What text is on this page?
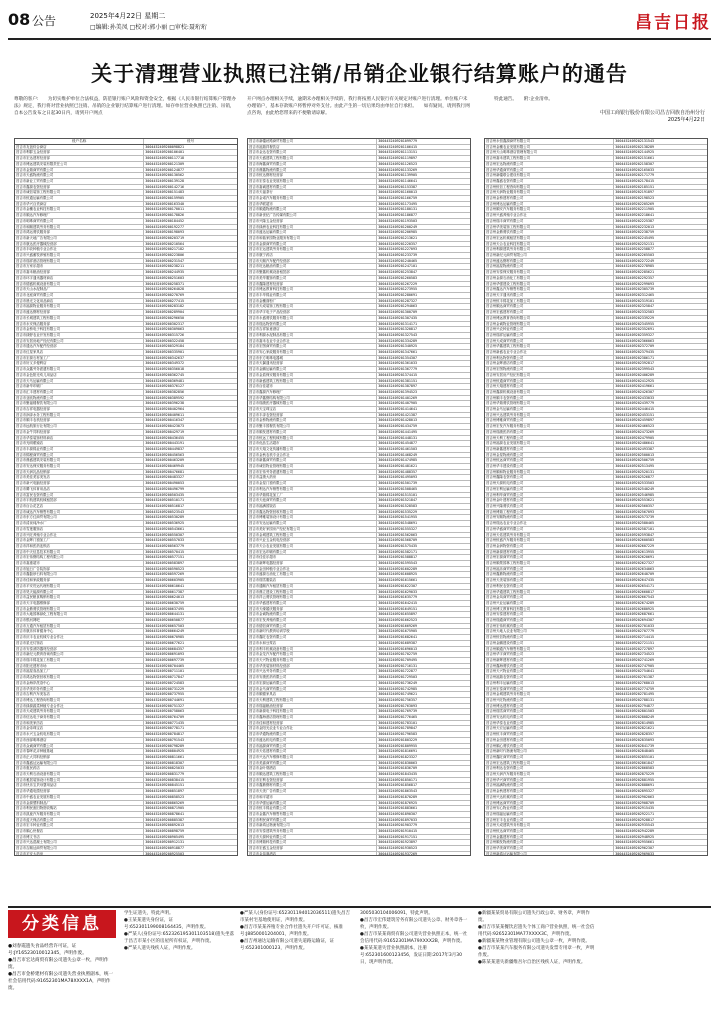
08 公告	2025年4月22日 星期二
□编辑:孙美凤 □校对:郭小丽 □审校:聂珩珩	昌吉日报
关于清理营业执照已注销/吊销企业银行结算账户的通告

尊敬的客户:　　为切实维护单位合法权益，防范银行账户风险和资金安全，根据《人民币银行结算账户管理办法》规定，我行将对营业执照已注销、吊销的企业银行结算账户进行清理。如存单位营业执照已注销、吊销，自本公告发布之日起30日内，请到开户网点

开户网点办理相关手续，逾期未办理相关手续的，我行将按照人民银行有关规定对账户进行清理。单位账户未办理销户，基本存款账户将暂停对外支付。由此产生的一切后果均由单位自行承担。　　如有疑问，请到我行网点咨询，由此给您带来的不便敬请谅解。

特此通告。　　附:企业清单。

中国工商银行股份有限公司昌吉回族自治州分行
2025年4月22日
账户名称	账号
昌吉市友谊综合商店	3004452409200098821
昌吉市利群五金经营部	3004452409200106401
昌吉市宏达建材经营部	3004452409200117718
昌吉市博远建筑安装有限责任公司	3004452409200121309
昌吉市金瑞商贸有限公司	3004452409200124877
昌吉市天盛物流有限公司	3004452409200130562
昌吉市新业工贸有限公司	3004452409200139128
昌吉市鑫源农资经营部	3004452409200142716
昌吉市诚信装饰工程有限公司	3004452409200151483
昌吉市恒通运输有限公司	3004452409200159905
昌吉市华兴百货商店	3004452409200163340
昌吉市金穗农业科技有限公司	3004452409200170011
昌吉市顺达汽车修理厂	3004452409200178826
昌吉市明珠商贸有限公司	3004452409200184452
昌吉市和顺建筑劳务有限公司	3004452409200192277
昌吉市鸿运餐饮服务部	3004452409200198093
昌吉市新天地广告有限公司	3004452409200203719
昌吉市康达医疗器械经营部	3004452409200210564
昌吉市丰收种植专业合作社	3004452409200217182
昌吉市兴盛畜牧养殖有限公司	3004452409200223806
昌吉市瑞祥酒店管理有限公司	3004452409200231547
昌吉市万家乐超市	3004452409200238211
昌吉市嘉禾粮油经营部	3004452409200244935
昌吉市环宇通讯器材商店	3004452409200251603
昌吉市德盛机械设备有限公司	3004452409200258371
昌吉市天山水泥制品厂	3004452409200264028
昌吉市北庭商贸有限公司	3004452409200270769
昌吉市晨光文化用品商店	3004452409200277415
昌吉市福源物业服务有限公司	3004452409200283182
昌吉市盛达钢材经营部	3004452409200289904
昌吉市长城建筑工程有限公司	3004452409200296650
昌吉市永安保洁服务部	3004452409200302317
昌吉市金桥电子科技有限公司	3004452409200309063
昌吉市绿野农业开发有限公司	3004452409200315726
昌吉市安居房地产经纪有限公司	3004452409200322458
昌吉市通达汽车配件经营部	3004452409200329184
昌吉市红星家具店	3004452409200335901
昌吉市宏源石材加工厂	3004452409200342637
昌吉市好又多便利店	3004452409200349372
昌吉市众鑫劳务派遣有限公司	3004452409200356018
昌吉市金色阳光幼儿用品店	3004452409200362745
昌吉市天马运输有限公司	3004452409200369481
昌吉市新华印刷厂	3004452409200376127
昌吉市汇丰建材有限公司	3004452409200382856
昌吉市亚欧物流有限公司	3004452409200389592
昌吉市聚福楼餐饮有限公司	3004452409200396238
昌吉市吉祥电器经营部	3004452409200402964
昌吉市润泽水务工程有限公司	3004452409200409611
昌吉市顺丰农机经营部	3004452409200416347
昌吉市远航旅行社有限公司	3004452409200423073
昌吉市金牛饲料经营部	3004452409200429719
昌吉市华泰装饰材料商店	3004452409200436455
昌吉市光明眼镜店	3004452409200443191
昌吉市丰源棉业有限公司	3004452409200449837
昌吉市锦程商贸有限公司	3004452409200456563
昌吉市鼎盛建筑安装有限公司	3004452409200463209
昌吉市安达保安服务有限公司	3004452409200469945
昌吉市天润乳品经销部	3004452409200476681
昌吉市美佳美容美发店	3004452409200483327
昌吉市新兴电脑经营部	3004452409200490053
昌吉市腾飞体育用品店	3004452409200496799
昌吉市富民农资有限公司	3004452409200503435
昌吉市宇航建筑机械租赁部	3004452409200510171
昌吉市百合花艺店	3004452409200516817
昌吉市诚达汽车销售有限公司	3004452409200523543
昌吉市东方红商贸有限公司	3004452409200530289
昌吉市清泉纯净水厂	3004452409200536925
昌吉市雪莲服饰店	3004452409200543661
昌吉市兴旺养殖专业合作社	3004452409200550307
昌吉市金辉门窗加工厂	3004452409200557033
昌吉市祥和医药连锁店	3004452409200563779
昌吉市中天信息技术有限公司	3004452409200570415
昌吉市宏伟钢结构工程有限公司	3004452409200577151
昌吉市嘉惠超市	3004452409200583897
昌吉市旭日广告装饰部	3004452409200590523
昌吉市鑫磊砂石料有限公司	3004452409200597269
昌吉市佳和家政服务部	3004452409200603905
昌吉市平安货运代理有限公司	3004452409200610641
昌吉市昊天能源有限公司	3004452409200617387
昌吉市益民粮食购销有限公司	3004452409200624013
昌吉市天宇电器维修部	3004452409200630759
昌吉市金鼎餐饮管理有限公司	3004452409200637495
昌吉市大地园林绿化工程有限公司	3004452409200644131
昌吉市银河网吧	3004452409200650877
昌吉市万通汽车租赁有限公司	3004452409200657503
昌吉市康乐体育健身中心	3004452409200664249
昌吉市庆丰农业机械专业合作社	3004452409200670985
昌吉市星光灯饰店	3004452409200677621
昌吉市安泰消防器材经营部	3004452409200684357
昌吉市新纪元教育咨询有限公司	3004452409200691093
昌吉市瑞丰棉花加工有限公司	3004452409200697739
昌吉市阳光建材市场	3004452409200704465
昌吉市福星食品加工厂	3004452409200711101
昌吉市鸿达物资回收有限公司	3004452409200717847
昌吉市金海岸洗浴中心	3004452409200724583
昌吉市华美印务有限公司	3004452409200731229
昌吉市吉利汽车美容店	3004452409200737955
昌吉市博达工程咨询有限公司	3004452409200744691
昌吉市绿源蔬菜种植专业合作社	3004452409200751327
昌吉市天成建筑劳务有限公司	3004452409200758063
昌吉市信达电子商务有限公司	3004452409200764709
昌吉市和美家纺店	3004452409200771435
昌吉市金帝珠宝店	3004452409200778171
昌吉市永兴五金机电有限公司	3004452409200784817
昌吉市西部明珠酒店	3004452409200791543
昌吉市众诚商贸有限公司	3004452409200798289
昌吉市春晖花卉种植基地	3004452409200804925
昌吉市正大饲料经销部	3004452409200811661
昌吉市鑫盛达运输有限公司	3004452409200818307
昌吉市惠民药店	3004452409200825033
昌吉市天利石油设备有限公司	3004452409200831779
昌吉市雅居装饰设计有限公司	3004452409200838415
昌吉市快乐宝贝母婴用品店	3004452409200845151
昌吉市华通电缆经营部	3004452409200851897
昌吉市中盛农业发展有限公司	3004452409200858523
昌吉市金源塑料制品厂	3004452409200865269
昌吉市利民废旧物资收购站	3004452409200871905
昌吉市凯旋汽车服务有限公司	3004452409200878641
昌吉市蓝天保洁有限公司	3004452409200885387
昌吉市宏丰种业有限公司	3004452409200892013
昌吉市顺心快餐店	3004452409200898759
昌吉市博文书店	3004452409200905495
昌吉市兴达混凝土有限公司	3004452409200912131
昌吉市吉顺达商贸有限公司	3004452409200918877
昌吉市平安大药房	3004452409200925503

昌吉市新疆丝路商贸有限公司	3004452409201099779
昌吉市福瑞祥餐饮店	3004452409201106415
昌吉市金达农资有限公司	3004452409201113151
昌吉市天盛建筑工程有限公司	3004452409201119897
昌吉市海鑫商贸有限公司	3004452409201126523
昌吉市鼎鑫物流有限公司	3004452409201133269
昌吉市恒达钢材经营部	3004452409201139905
昌吉市宏泰农业发展有限公司	3004452409201146641
昌吉市嘉诚建材有限公司	3004452409201153387
昌吉市天福茶行	3004452409201160013
昌吉市金诺汽车服务有限公司	3004452409201166759
昌吉市华联超市	3004452409201173495
昌吉市顺通物流有限公司	3004452409201180131
昌吉市新世纪广告传媒有限公司	3004452409201186877
昌吉市兴隆五金经营部	3004452409201193503
昌吉市绿洲农业科技有限公司	3004452409201200249
昌吉市盛达运输有限公司	3004452409201206985
昌吉市和谐家园物业服务有限公司	3004452409201213621
昌吉市金源商贸有限公司	3004452409201220357
昌吉市宏运建筑劳务有限公司	3004452409201227093
昌吉市康宁药店	3004452409201233739
昌吉市天顺汽车配件经营部	3004452409201240465
昌吉市旺达粮油有限公司	3004452409201247101
昌吉市聚鑫机械设备租赁部	3004452409201253847
昌吉市美华服饰有限公司	3004452409201260583
昌吉市鑫隆建材经营部	3004452409201267229
昌吉市博远教育科技有限公司	3004452409201273955
昌吉市丰华棉业有限公司	3004452409201280691
昌吉市金穗面粉厂	3004452409201287327
昌吉市天成装饰工程有限公司	3004452409201294063
昌吉市华宇电子产品经营部	3004452409201300709
昌吉市永盛餐饮服务有限公司	3004452409201307435
昌吉市瑞达物资有限公司	3004452409201314171
昌吉市吉祥如意酒店	3004452409201320817
昌吉市利源水泥制品有限公司	3004452409201327543
昌吉市嘉禾农业专业合作社	3004452409201334289
昌吉市宏图商贸有限公司	3004452409201340925
昌吉市安心家政服务有限公司	3004452409201347661
昌吉市东方明珠电器城	3004452409201354307
昌吉市天翼通讯经营部	3004452409201361033
昌吉市金鹏运输有限公司	3004452409201367779
昌吉市金盾保安服务有限公司	3004452409201374415
昌吉市新盛建筑工程有限公司	3004452409201381151
昌吉市百佳超市	3004452409201387897
昌吉市鑫源汽车修理厂	3004452409201394523
昌吉市华鑫钢结构有限公司	3004452409201401269
昌吉市瑞康医疗器械有限公司	3004452409201407905
昌吉市天宝珠宝店	3004452409201414641
昌吉市丰泽农资经营部	3004452409201421387
昌吉市金桥物流有限公司	3004452409201428013
昌吉市聚丰园餐饮有限公司	3004452409201434759
昌吉市顺发建材有限公司	3004452409201441495
昌吉市恒远工程机械有限公司	3004452409201448131
昌吉市优品生活超市	3004452409201454877
昌吉市天翔文化传播有限公司	3004452409201461503
昌吉市金秋农机专业合作社	3004452409201468249
昌吉市新鑫商贸有限公司	3004452409201474985
昌吉市诚信物业管理有限公司	3004452409201481621
昌吉市宏伟劳务派遣有限公司	3004452409201488357
昌吉市益康大药房	3004452409201495093
昌吉市金星门窗有限公司	3004452409201501739
昌吉市利达汽车销售有限公司	3004452409201508465
昌吉市华瑞棉花加工厂	3004452409201515101
昌吉市天池商贸有限公司	3004452409201521847
昌吉市福满园饭店	3004452409201528583
昌吉市鑫达物资回收有限公司	3004452409201535229
昌吉市博雅装饰设计有限公司	3004452409201541955
昌吉市安达运输有限公司	3004452409201548691
昌吉市美好家园房产经纪有限公司	3004452409201555327
昌吉市金城建筑工程有限公司	3004452409201562063
昌吉市兴业五金机电经营部	3004452409201568709
昌吉市天合农业发展有限公司	3004452409201575435
昌吉市宏达印刷有限公司	3004452409201582171
昌吉市佳佳乐超市	3004452409201588817
昌吉市新辉电器经营部	3004452409201595543
昌吉市金田种植专业合作社	3004452409201602289
昌吉市盛源石油化工有限公司	3004452409201608925
昌吉市瑞雪服装店	3004452409201615661
昌吉市通顺汽车租赁有限公司	3004452409201622307
昌吉市鼎立建设工程有限公司	3004452409201629033
昌吉市祥云餐饮管理有限公司	3004452409201635779
昌吉市华盛建材有限公司	3004452409201642415
昌吉市天缘婚庆服务部	3004452409201649151
昌吉市金诚物流有限公司	3004452409201655897
昌吉市宏发养殖有限公司	3004452409201662523
昌吉市德信商贸有限公司	3004452409201669269
昌吉市新时代教育培训学校	3004452409201675905
昌吉市鑫旺农资有限公司	3004452409201682641
昌吉市永和豆浆店	3004452409201689387
昌吉市利丰机械设备有限公司	3004452409201696013
昌吉市金龙汽车配件有限公司	3004452409201702759
昌吉市天兴物业服务有限公司	3004452409201709495
昌吉市华美装饰材料经营部	3004452409201716131
昌吉市兴达劳务有限公司	3004452409201722877
昌吉市安康医药有限公司	3004452409201729503
昌吉市宏源运输有限公司	3004452409201736249
昌吉市金马商贸有限公司	3004452409201742985
昌吉市顺德家具店	3004452409201749621
昌吉市天利建筑工程有限公司	3004452409201756357
昌吉市瑞福粮油经营部	3004452409201763093
昌吉市新源电子科技有限公司	3004452409201769739
昌吉市鑫海酒店管理有限公司	3004452409201776465
昌吉市佳和建材经营部	3004452409201783101
昌吉市金阳光农业专业合作社	3004452409201789847
昌吉市华通物流有限公司	3004452409201796583
昌吉市盛达机电有限公司	3004452409201803229
昌吉市福源商贸有限公司	3004452409201809955
昌吉市天佑建材有限公司	3004452409201816691
昌吉市兴达汽车维修有限公司	3004452409201823327
昌吉市美嘉商贸有限公司	3004452409201830063
昌吉市金叶烟酒店	3004452409201836709
昌吉市顺达建筑工程有限公司	3004452409201843435
昌吉市宏利农资经营部	3004452409201850171
昌吉市鑫鼎钢材有限公司	3004452409201856817
昌吉市天美广告有限公司	3004452409201863543
昌吉市和平超市	3004452409201870289
昌吉市华强运输有限公司	3004452409201876925
昌吉市恒丰棉业有限公司	3004452409201883661
昌吉市金鑫汽车销售有限公司	3004452409201890307
昌吉市利民商贸有限公司	3004452409201897033
昌吉市新鸿达物流有限公司	3004452409201903779
昌吉市安泰建筑劳务有限公司	3004452409201910415
昌吉市天源种业有限公司	3004452409201917151
昌吉市博瑞科技有限公司	3004452409201923897
昌吉市宏盛五金经营部	3004452409201930523
昌吉市金凤凰酒店	3004452409201937269

昌吉州永恒鑫源商贸有限公司	3004452409202131543
昌吉州金穗农业发展有限公司	3004452409202138289
昌吉州天山明珠酒店管理有限公司	3004452409202144925
昌吉州嘉禾建筑工程有限公司	3004452409202151661
昌吉州宏达物流有限公司	3004452409202158307
昌吉州华通商贸有限公司	3004452409202165033
昌吉州新疆联合建设有限公司	3004452409202171779
昌吉州鑫盛农资有限公司	3004452409202178415
昌吉州恒信工程咨询有限公司	3004452409202185151
昌吉州天润物业服务有限公司	3004452409202191897
昌吉州金桥建材有限公司	3004452409202198523
昌吉州博达运输有限公司	3004452409202205269
昌吉州顺安汽车服务有限公司	3004452409202211905
昌吉州兴盛养殖专业合作社	3004452409202218641
昌吉州瑞丰商贸有限公司	3004452409202225387
昌吉州华美装饰工程有限公司	3004452409202232013
昌吉州金鼎餐饮有限公司	3004452409202238759
昌吉州宏远机械租赁有限公司	3004452409202245495
昌吉州天合农业科技有限公司	3004452409202252131
昌吉州利源建筑劳务有限公司	3004452409202258877
昌吉州新纪元商贸有限公司	3004452409202265503
昌吉州盛达钢材有限公司	3004452409202272249
昌吉州福星物流有限公司	3004452409202278985
昌吉州安泰保安服务有限公司	3004452409202285621
昌吉州金源石油化工有限公司	3004452409202292357
昌吉州华强建设工程有限公司	3004452409202299093
昌吉州鑫达汽车销售有限公司	3004452409202305739
昌吉州天宇通讯有限公司	3004452409202312465
昌吉州恒丰棉花加工有限公司	3004452409202319101
昌吉州顺达商贸有限公司	3004452409202325847
昌吉州宏盛建材有限公司	3004452409202332583
昌吉州博远教育咨询有限公司	3004452409202339229
昌吉州金诚物业管理有限公司	3004452409202345955
昌吉州兴农种业有限公司	3004452409202352691
昌吉州瑞祥运输有限公司	3004452409202359327
昌吉州天成商贸有限公司	3004452409202366063
昌吉州华鑫建筑工程有限公司	3004452409202372709
昌吉州新盛农业专业合作社	3004452409202379435
昌吉州利达物资有限公司	3004452409202386171
昌吉州金辉酒店有限公司	3004452409202392817
昌吉州宏图物流有限公司	3004452409202399543
昌吉州安居房产经纪有限公司	3004452409202406289
昌吉州恒通商贸有限公司	3004452409202412925
昌吉州天翔建材有限公司	3004452409202419661
昌吉州鑫源机械设备有限公司	3004452409202426307
昌吉州顺丰农资有限公司	3004452409202433033
昌吉州华瑞餐饮管理有限公司	3004452409202439779
昌吉州金马运输有限公司	3004452409202446415
昌吉州兴达建筑劳务有限公司	3004452409202453151
昌吉州博雅商贸有限公司	3004452409202459897
昌吉州宏发汽车服务有限公司	3004452409202466523
昌吉州瑞康医药有限公司	3004452409202473269
昌吉州天利工程有限公司	3004452409202479905
昌吉州福源农业发展有限公司	3004452409202486641
昌吉州新鑫建材有限公司	3004452409202493387
昌吉州金星物流有限公司	3004452409202500013
昌吉州恒远商贸有限公司	3004452409202506759
昌吉州华丰建设有限公司	3004452409202513495
昌吉州顺和物业服务有限公司	3004452409202520131
昌吉州鑫隆农资有限公司	3004452409202526877
昌吉州天源机电有限公司	3004452409202533503
昌吉州宏利运输有限公司	3004452409202540249
昌吉州利华商贸有限公司	3004452409202546985
昌吉州金叶建材有限公司	3004452409202553621
昌吉州兴隆餐饮有限公司	3004452409202560357
昌吉州博瑞工程有限公司	3004452409202567093
昌吉州安顺物流有限公司	3004452409202573739
昌吉州瑞达农业专业合作社	3004452409202580465
昌吉州华盛商贸有限公司	3004452409202587101
昌吉州天佑建筑劳务有限公司	3004452409202593847
昌吉州恒盛汽车服务有限公司	3004452409202600583
昌吉州金润物资有限公司	3004452409202607229
昌吉州新源建材有限公司	3004452409202613955
昌吉州宏源商贸有限公司	3004452409202620691
昌吉州顺景园林工程有限公司	3004452409202627327
昌吉州福乐商贸有限公司	3004452409202634063
昌吉州鑫鼎物流有限公司	3004452409202640709
昌吉州天美装饰有限公司	3004452409202647435
昌吉州利民农资有限公司	3004452409202654171
昌吉州华通建筑工程有限公司	3004452409202660817
昌吉州金凤商贸有限公司	3004452409202667543
昌吉州兴业运输有限公司	3004452409202674289
昌吉州博文教育科技有限公司	3004452409202680925
昌吉州安泰建材有限公司	3004452409202687661
昌吉州瑞通商贸有限公司	3004452409202694307
昌吉州宏伟机械有限公司	3004452409202701033
昌吉州天地人农业有限公司	3004452409202707779
昌吉州恒信物流有限公司	3004452409202714415
昌吉州金鹏建设有限公司	3004452409202721151
昌吉州顺通汽车销售有限公司	3004452409202727897
昌吉州华宇商贸有限公司	3004452409202734523
昌吉州新辉建材有限公司	3004452409202741269
昌吉州鑫海餐饮有限公司	3004452409202747905
昌吉州天兴物业有限公司	3004452409202754641
昌吉州福瑞农资有限公司	3004452409202761387
昌吉州利丰运输有限公司	3004452409202768013
昌吉州宏泰商贸有限公司	3004452409202774759
昌吉州金城建筑劳务有限公司	3004452409202781495
昌吉州兴旺物流有限公司	3004452409202788131
昌吉州博达建材有限公司	3004452409202794877
昌吉州瑞雪商贸有限公司	3004452409202801503
昌吉州安达机电有限公司	3004452409202808249
昌吉州华泰农业有限公司	3004452409202814985
昌吉州天宏运输有限公司	3004452409202821621
昌吉州恒丰商贸有限公司	3004452409202828357
昌吉州金田建材有限公司	3004452409202835093
昌吉州顺心餐饮有限公司	3004452409202841739
昌吉州新时代物流有限公司	3004452409202848465
昌吉州鑫旺商贸有限公司	3004452409202855101
昌吉州宏达建筑工程有限公司	3004452409202861847
昌吉州利达农资有限公司	3004452409202868583
昌吉州天润汽车服务有限公司	3004452409202875229
昌吉州华兴商贸有限公司	3004452409202881955
昌吉州福满物流有限公司	3004452409202888691
昌吉州金秋建材有限公司	3004452409202895327
昌吉州兴达机械有限公司	3004452409202902063
昌吉州博远商贸有限公司	3004452409202908709
昌吉州安心物业有限公司	3004452409202915435
昌吉州瑞福运输有限公司	3004452409202922171
昌吉州宏丰农业有限公司	3004452409202928817
昌吉州天成建筑劳务有限公司	3004452409202935543
昌吉州恒达商贸有限公司	3004452409202942289
昌吉州金鑫建材有限公司	3004452409202948925
昌吉州顺发物流有限公司	3004452409202955661
昌吉州华美商贸有限公司	3004452409202962307
昌吉州新鸿达运输有限公司	3004452409202969033

分类信息

●刘春霞遗失食品经营许可证，证号:JY16523010012345，声明作废。

●昌吉市宏达商贸有限公司遗失公章一枚，声明作废。

●昌吉市金桥建材有限公司遗失营业执照副本，统一社会信用代码:91652301MA78XXXX1A，声明作废。

学生证遗失，特此声明。

●王某某遗失身份证，证号:652301199008164435，声明作废。

●严某人(身份证号:652326195301103518)遗失坐落于昌吉市某小区的房屋所有权证，声明作废。

●严某人遗失残疾人证，声明作废。

●严某人(身份证号:652301194012036511)遗失昌吉市某村宅基地使用证，声明作废。

●昌吉市某某养殖专业合作社遗失开户许可证，核准号:J8850001204001，声明作废。

●昌吉州通达运输有限公司遗失道路运输证，证号:652301000123，声明作废。

3005030104006091，特此声明。

●昌吉市宏伟建筑劳务有限公司遗失公章、财务章各一枚，声明作废。

●昌吉市某某商贸有限公司遗失营业执照正本，统一社会信用代码:91652301MA79XXXX2B，声明作废。

●某某某遗失营业执照副本，注册号:652301600123456，发证日期:2017年3月30日，现声明作废。

●新疆某某贸易有限公司遗失行政公章、财务章，声明作废。

●昌吉市某某餐饮店遗失个体工商户营业执照，统一社会信用代码:92652301MA77XXXX3C，声明作废。

●新疆某某物业管理有限公司遗失公章一枚，声明作废。

●昌吉市某某汽车服务有限公司遗失发票专用章一枚，声明作废。

●陈某某遗失新疆维吾尔自治区残疾人证，声明作废。
